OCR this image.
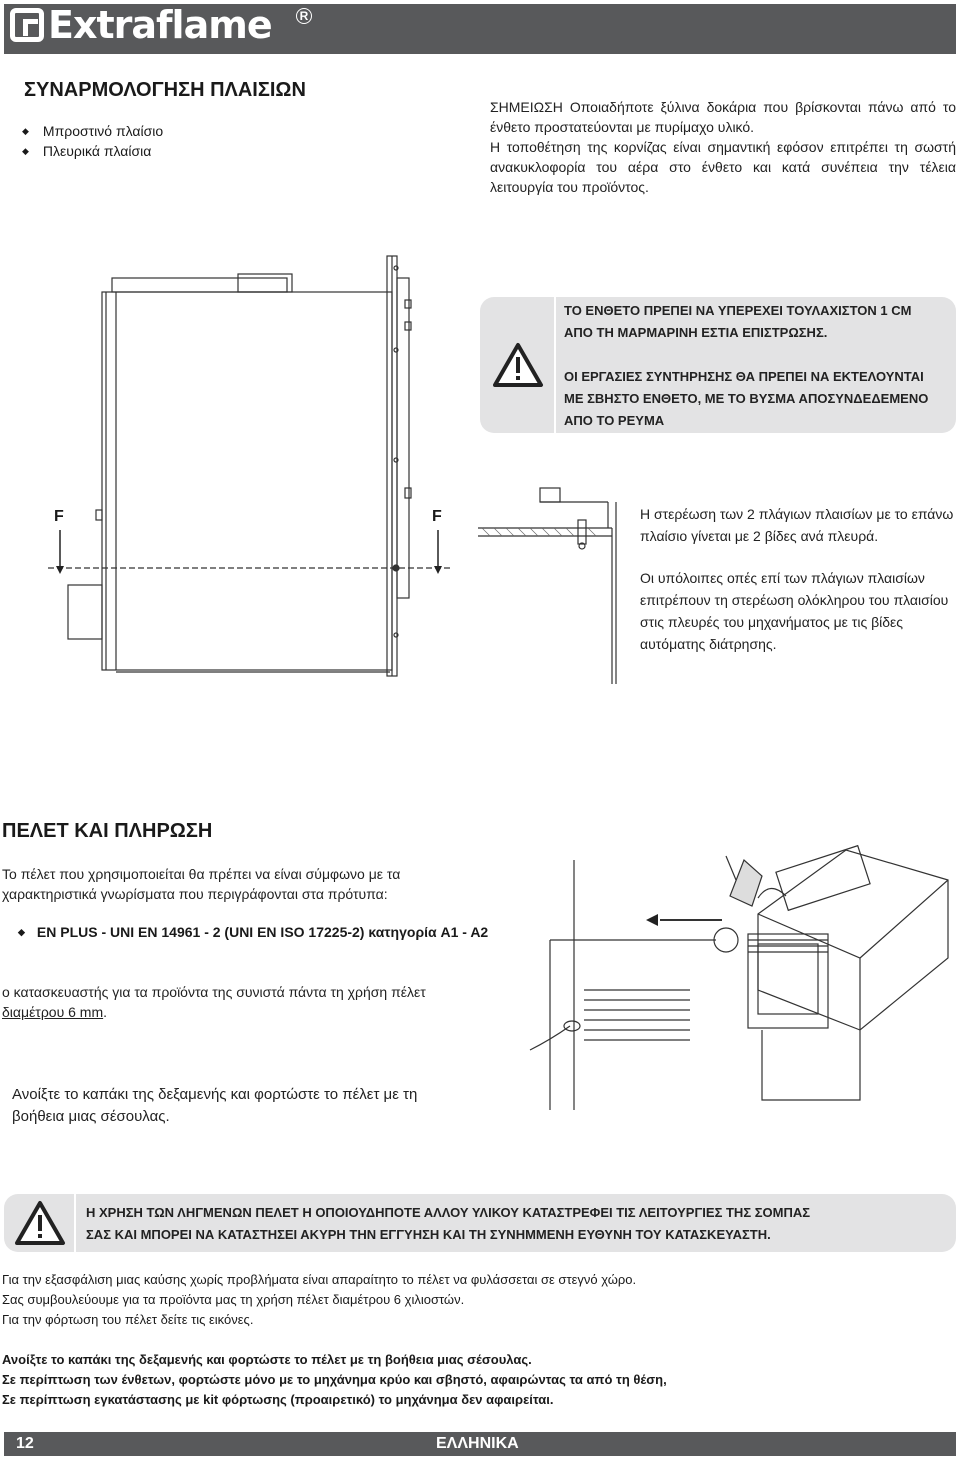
Extraflame	R
ΣΥΝΑΡΜΟΛΟΓΗΣΗ ΠΛΑΙΣΙΩΝ
◆ Μπροστινό πλαίσιο
◆ Πλευρικά πλαίσια
ΣΗΜΕΙΩΣΗ Οποιαδήποτε ξύλινα δοκάρια που βρίσκονται πάνω από το ένθετο προστατεύονται με πυρίμαχο υλικό.
Η τοποθέτηση της κορνίζας είναι σημαντική εφόσον επιτρέπει τη σωστή ανακυκλοφορία του αέρα στο ένθετο και κατά συνέπεια την τέλεια λειτουργία του προϊόντος.
ΤΟ ΕΝΘΕΤΟ ΠΡΕΠΕΙ ΝΑ ΥΠΕΡΕΧΕΙ ΤΟΥΛΑΧΙΣΤΟΝ 1 CM
ΑΠΟ ΤΗ ΜΑΡΜΑΡΙΝΗ ΕΣΤΙΑ ΕΠΙΣΤΡΩΣΗΣ.
ΟΙ ΕΡΓΑΣΙΕΣ ΣΥΝΤΗΡΗΣΗΣ ΘΑ ΠΡΕΠΕΙ ΝΑ ΕΚΤΕΛΟΥΝΤΑΙ
ΜΕ ΣΒΗΣΤΟ ΕΝΘΕΤΟ, ΜΕ ΤΟ ΒΥΣΜΑ ΑΠΟΣΥΝΔΕΔΕΜΕΝΟ
ΑΠΟ ΤΟ ΡΕΥΜΑ
F	F	Η στερέωση των 2 πλάγιων πλαισίων με το επάνω πλαίσιο γίνεται με 2 βίδες ανά πλευρά.
Οι υπόλοιπες οπές επί των πλάγιων πλαισίων επιτρέπουν τη στερέωση ολόκληρου του πλαισίου στις πλευρές του μηχανήματος με τις βίδες αυτόματης διάτρησης.
ΠΕΛΕΤ ΚΑΙ ΠΛΗΡΩΣΗ
Το πέλετ που χρησιμοποιείται θα πρέπει να είναι σύμφωνο με τα χαρακτηριστικά γνωρίσματα που περιγράφονται στα πρότυπα:
◆ EN PLUS - UNI EN 14961 - 2 (UNI EN ISO 17225-2) κατηγορία A1 - A2
ο κατασκευαστής για τα προϊόντα της συνιστά πάντα τη χρήση πέλετ
διαμέτρου 6 mm.
Ανοίξτε το καπάκι της δεξαμενής και φορτώστε το πέλετ με τη βοήθεια μιας σέσουλας.
Η ΧΡΗΣΗ ΤΩΝ ΛΗΓΜΕΝΩΝ ΠΕΛΕΤ Η ΟΠΟΙΟΥΔΗΠΟΤΕ ΑΛΛΟΥ ΥΛΙΚΟΥ ΚΑΤΑΣΤΡΕΦΕΙ ΤΙΣ ΛΕΙΤΟΥΡΓΙΕΣ ΤΗΣ ΣΟΜΠΑΣ
ΣΑΣ ΚΑΙ ΜΠΟΡΕΙ ΝΑ ΚΑΤΑΣΤΗΣΕΙ ΑΚΥΡΗ ΤΗΝ ΕΓΓΥΗΣΗ ΚΑΙ ΤΗ ΣΥΝΗΜΜΕΝΗ ΕΥΘΥΝΗ ΤΟΥ ΚΑΤΑΣΚΕΥΑΣΤΗ.
Για την εξασφάλιση μιας καύσης χωρίς προβλήματα είναι απαραίτητο το πέλετ να φυλάσσεται σε στεγνό χώρο.
Σας συμβουλεύουμε για τα προϊόντα μας τη χρήση πέλετ διαμέτρου 6 χιλιοστών.
Για την φόρτωση του πέλετ δείτε τις εικόνες.
Ανοίξτε το καπάκι της δεξαμενής και φορτώστε το πέλετ με τη βοήθεια μιας σέσουλας.
Σε περίπτωση των ένθετων, φορτώστε μόνο με το μηχάνημα κρύο και σβηστό, αφαιρώντας τα από τη θέση,
Σε περίπτωση εγκατάστασης με kit φόρτωσης (προαιρετικό) το μηχάνημα δεν αφαιρείται.
12	ΕΛΛΗΝΙΚΑ
